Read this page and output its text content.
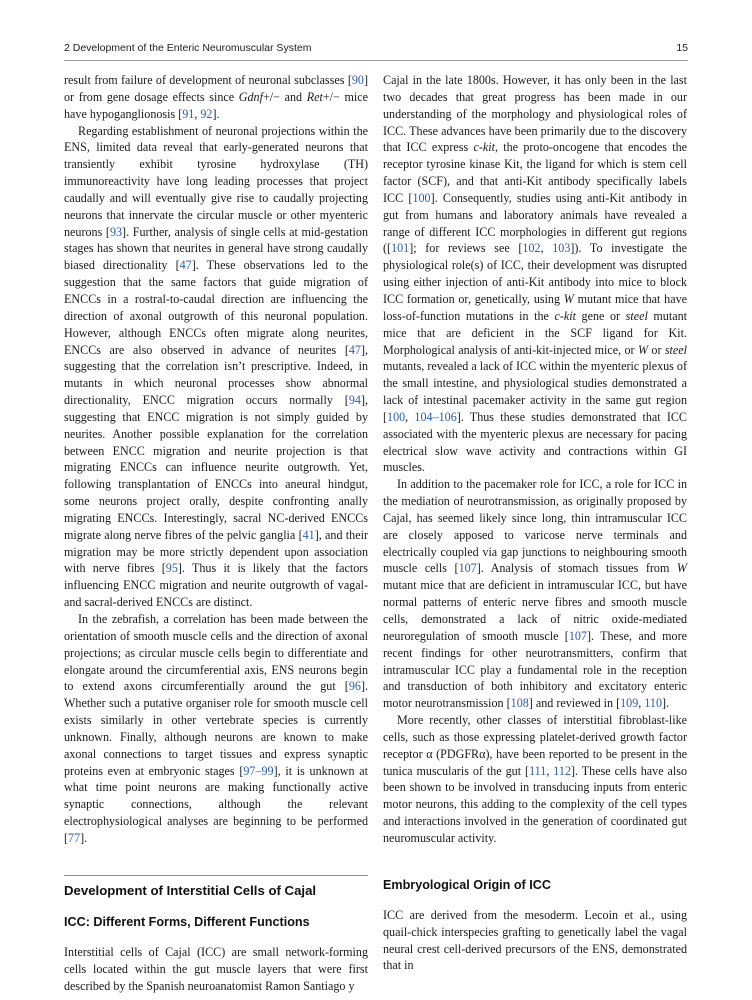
2 Development of the Enteric Neuromuscular System	15

result from failure of development of neuronal subclasses [90] or from gene dosage effects since Gdnf+/− and Ret+/− mice have hypoganglionosis [91, 92].

Regarding establishment of neuronal projections within the ENS, limited data reveal that early-generated neurons that transiently exhibit tyrosine hydroxylase (TH) immunoreactivity have long leading processes that project caudally and will eventually give rise to caudally projecting neurons that innervate the circular muscle or other myenteric neurons [93]. Further, analysis of single cells at mid-gestation stages has shown that neurites in general have strong caudally biased directionality [47]. These observations led to the suggestion that the same factors that guide migration of ENCCs in a rostral-to-caudal direction are influencing the direction of axonal outgrowth of this neuronal population. However, although ENCCs often migrate along neurites, ENCCs are also observed in advance of neurites [47], suggesting that the correlation isn’t prescriptive. Indeed, in mutants in which neuronal processes show abnormal directionality, ENCC migration occurs normally [94], suggesting that ENCC migration is not simply guided by neurites. Another possible explanation for the correlation between ENCC migration and neurite projection is that migrating ENCCs can influence neurite outgrowth. Yet, following transplantation of ENCCs into aneural hindgut, some neurons project orally, despite confronting anally migrating ENCCs. Interestingly, sacral NC-derived ENCCs migrate along nerve fibres of the pelvic ganglia [41], and their migration may be more strictly dependent upon association with nerve fibres [95]. Thus it is likely that the factors influencing ENCC migration and neurite outgrowth of vagal- and sacral-derived ENCCs are distinct.

In the zebrafish, a correlation has been made between the orientation of smooth muscle cells and the direction of axonal projections; as circular muscle cells begin to differentiate and elongate around the circumferential axis, ENS neurons begin to extend axons circumferentially around the gut [96]. Whether such a putative organiser role for smooth muscle cell exists similarly in other vertebrate species is currently unknown. Finally, although neurons are known to make axonal connections to target tissues and express synaptic proteins even at embryonic stages [97–99], it is unknown at what time point neurons are making functionally active synaptic connections, although the relevant electrophysiological analyses are beginning to be performed [77].

Development of Interstitial Cells of Cajal
ICC: Different Forms, Different Functions

Interstitial cells of Cajal (ICC) are small network-forming cells located within the gut muscle layers that were first described by the Spanish neuroanatomist Ramon Santiago y

Cajal in the late 1800s. However, it has only been in the last two decades that great progress has been made in our understanding of the morphology and physiological roles of ICC. These advances have been primarily due to the discovery that ICC express c-kit, the proto-oncogene that encodes the receptor tyrosine kinase Kit, the ligand for which is stem cell factor (SCF), and that anti-Kit antibody specifically labels ICC [100]. Consequently, studies using anti-Kit antibody in gut from humans and laboratory animals have revealed a range of different ICC morphologies in different gut regions ([101]; for reviews see [102, 103]). To investigate the physiological role(s) of ICC, their development was disrupted using either injection of anti-Kit antibody into mice to block ICC formation or, genetically, using W mutant mice that have loss-of-function mutations in the c-kit gene or steel mutant mice that are deficient in the SCF ligand for Kit. Morphological analysis of anti-kit-injected mice, or W or steel mutants, revealed a lack of ICC within the myenteric plexus of the small intestine, and physiological studies demonstrated a lack of intestinal pacemaker activity in the same gut region [100, 104–106]. Thus these studies demonstrated that ICC associated with the myenteric plexus are necessary for pacing electrical slow wave activity and contractions within GI muscles.

In addition to the pacemaker role for ICC, a role for ICC in the mediation of neurotransmission, as originally proposed by Cajal, has seemed likely since long, thin intramuscular ICC are closely apposed to varicose nerve terminals and electrically coupled via gap junctions to neighbouring smooth muscle cells [107]. Analysis of stomach tissues from W mutant mice that are deficient in intramuscular ICC, but have normal patterns of enteric nerve fibres and smooth muscle cells, demonstrated a lack of nitric oxide-mediated neuroregulation of smooth muscle [107]. These, and more recent findings for other neurotransmitters, confirm that intramuscular ICC play a fundamental role in the reception and transduction of both inhibitory and excitatory enteric motor neurotransmission [108] and reviewed in [109, 110].

More recently, other classes of interstitial fibroblast-like cells, such as those expressing platelet-derived growth factor receptor α (PDGFRα), have been reported to be present in the tunica muscularis of the gut [111, 112]. These cells have also been shown to be involved in transducing inputs from enteric motor neurons, this adding to the complexity of the cell types and interactions involved in the generation of coordinated gut neuromuscular activity.

Embryological Origin of ICC

ICC are derived from the mesoderm. Lecoin et al., using quail-chick interspecies grafting to genetically label the vagal neural crest cell-derived precursors of the ENS, demonstrated that in
